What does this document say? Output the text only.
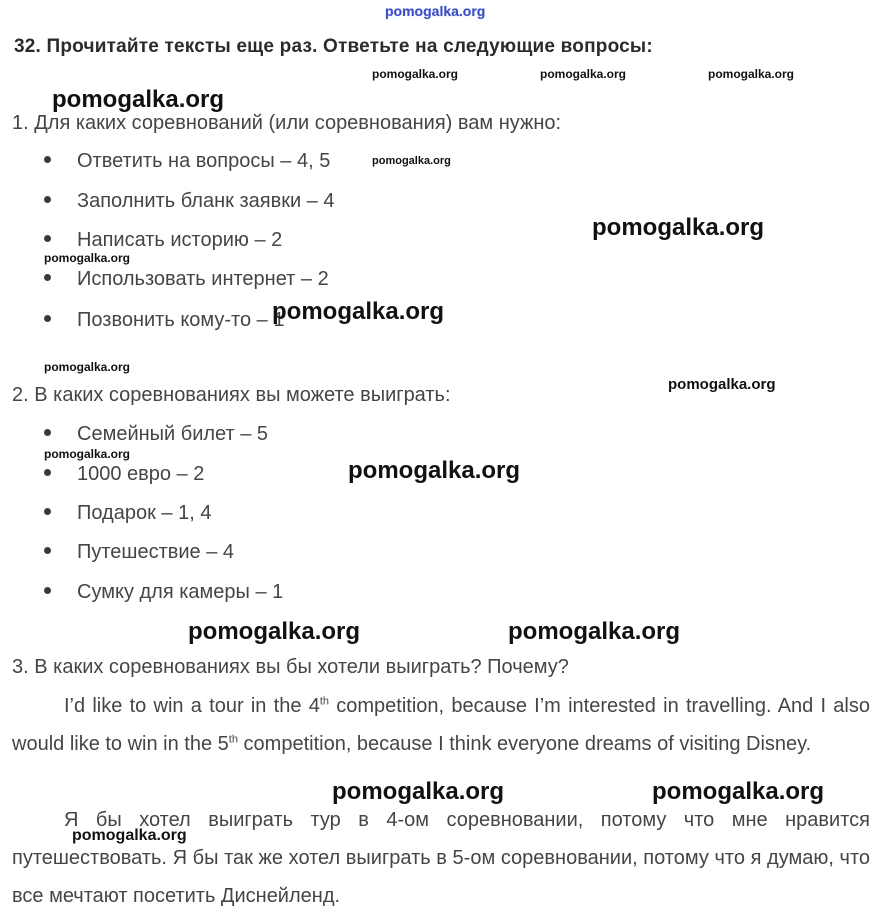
pomogalka.org
32. Прочитайте тексты еще раз. Ответьте на следующие вопросы:
1. Для каких соревнований (или соревнования) вам нужно:
Ответить на вопросы – 4, 5
Заполнить бланк заявки – 4
Написать историю – 2
Использовать интернет – 2
Позвонить кому-то – 1
2. В каких соревнованиях вы можете выиграть:
Семейный билет – 5
1000 евро – 2
Подарок – 1, 4
Путешествие – 4
Сумку для камеры – 1
3. В каких соревнованиях вы бы хотели выиграть? Почему?

I’d like to win a tour in the 4th competition, because I’m interested in travelling. And I also would like to win in the 5th competition, because I think everyone dreams of visiting Disney.

Я бы хотел выиграть тур в 4-ом соревновании, потому что мне нравится путешествовать. Я бы так же хотел выиграть в 5-ом соревновании, потому что я думаю, что все мечтают посетить Диснейленд.

pomogalka.org	pomogalka.org	pomogalka.org
pomogalka.org
pomogalka.org
pomogalka.org
pomogalka.org
pomogalka.org
pomogalka.org
pomogalka.org
pomogalka.org
pomogalka.org
pomogalka.org	pomogalka.org
pomogalka.org	pomogalka.org
pomogalka.org
